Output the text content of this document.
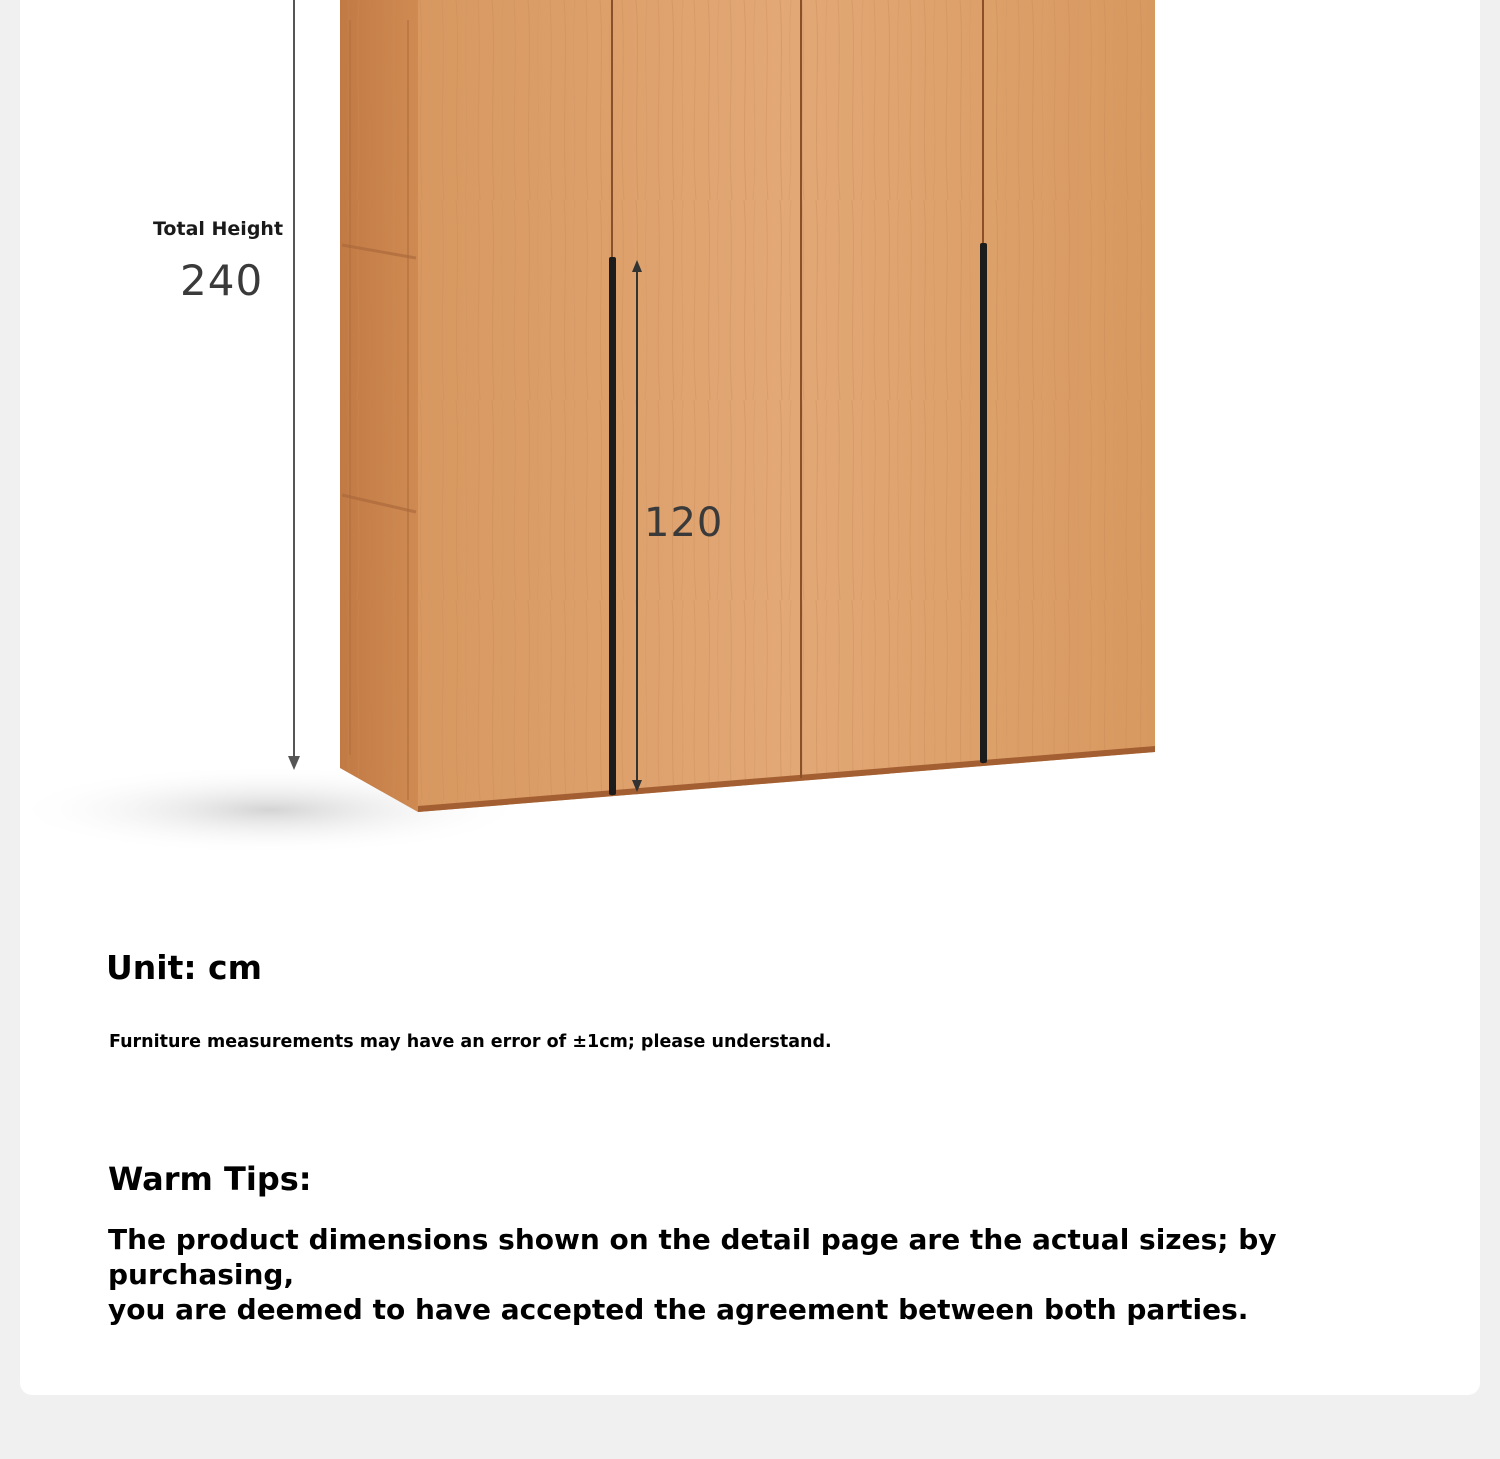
Total Height
240
120
Unit: cm
Furniture measurements may have an error of ±1cm; please understand.
Warm Tips:
The product dimensions shown on the detail page are the actual sizes; by purchasing,
you are deemed to have accepted the agreement between both parties.
